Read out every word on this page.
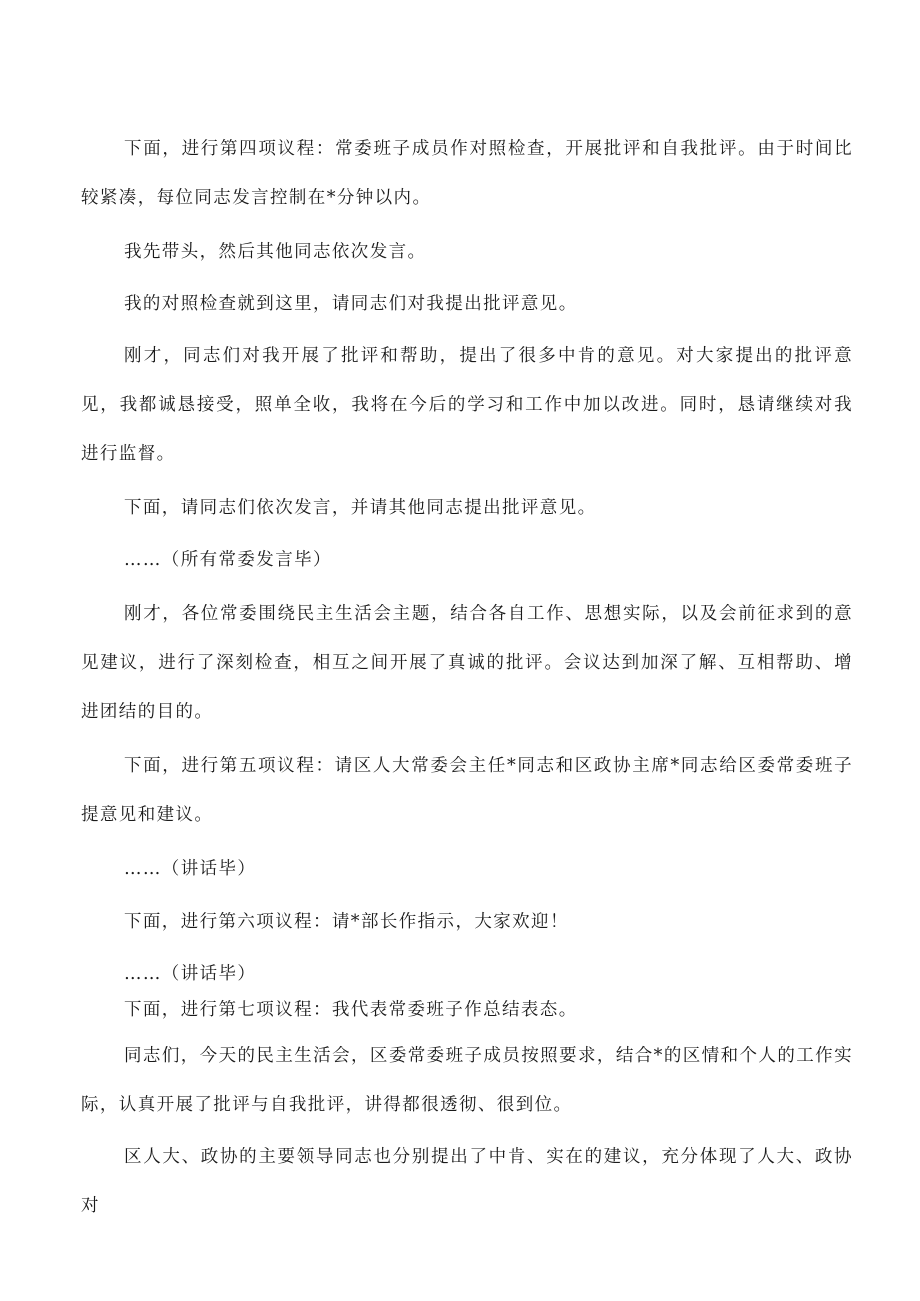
下面，进行第四项议程：常委班子成员作对照检查，开展批评和自我批评。由于时间比较紧凑，每位同志发言控制在*分钟以内。

我先带头，然后其他同志依次发言。

我的对照检查就到这里，请同志们对我提出批评意见。

刚才，同志们对我开展了批评和帮助，提出了很多中肯的意见。对大家提出的批评意见，我都诚恳接受，照单全收，我将在今后的学习和工作中加以改进。同时，恳请继续对我进行监督。

下面，请同志们依次发言，并请其他同志提出批评意见。

……（所有常委发言毕）

刚才，各位常委围绕民主生活会主题，结合各自工作、思想实际，以及会前征求到的意见建议，进行了深刻检查，相互之间开展了真诚的批评。会议达到加深了解、互相帮助、增进团结的目的。

下面，进行第五项议程：请区人大常委会主任*同志和区政协主席*同志给区委常委班子提意见和建议。

……（讲话毕）

下面，进行第六项议程：请*部长作指示，大家欢迎！

……（讲话毕）

下面，进行第七项议程：我代表常委班子作总结表态。

同志们，今天的民主生活会，区委常委班子成员按照要求，结合*的区情和个人的工作实际，认真开展了批评与自我批评，讲得都很透彻、很到位。

区人大、政协的主要领导同志也分别提出了中肯、实在的建议，充分体现了人大、政协对
